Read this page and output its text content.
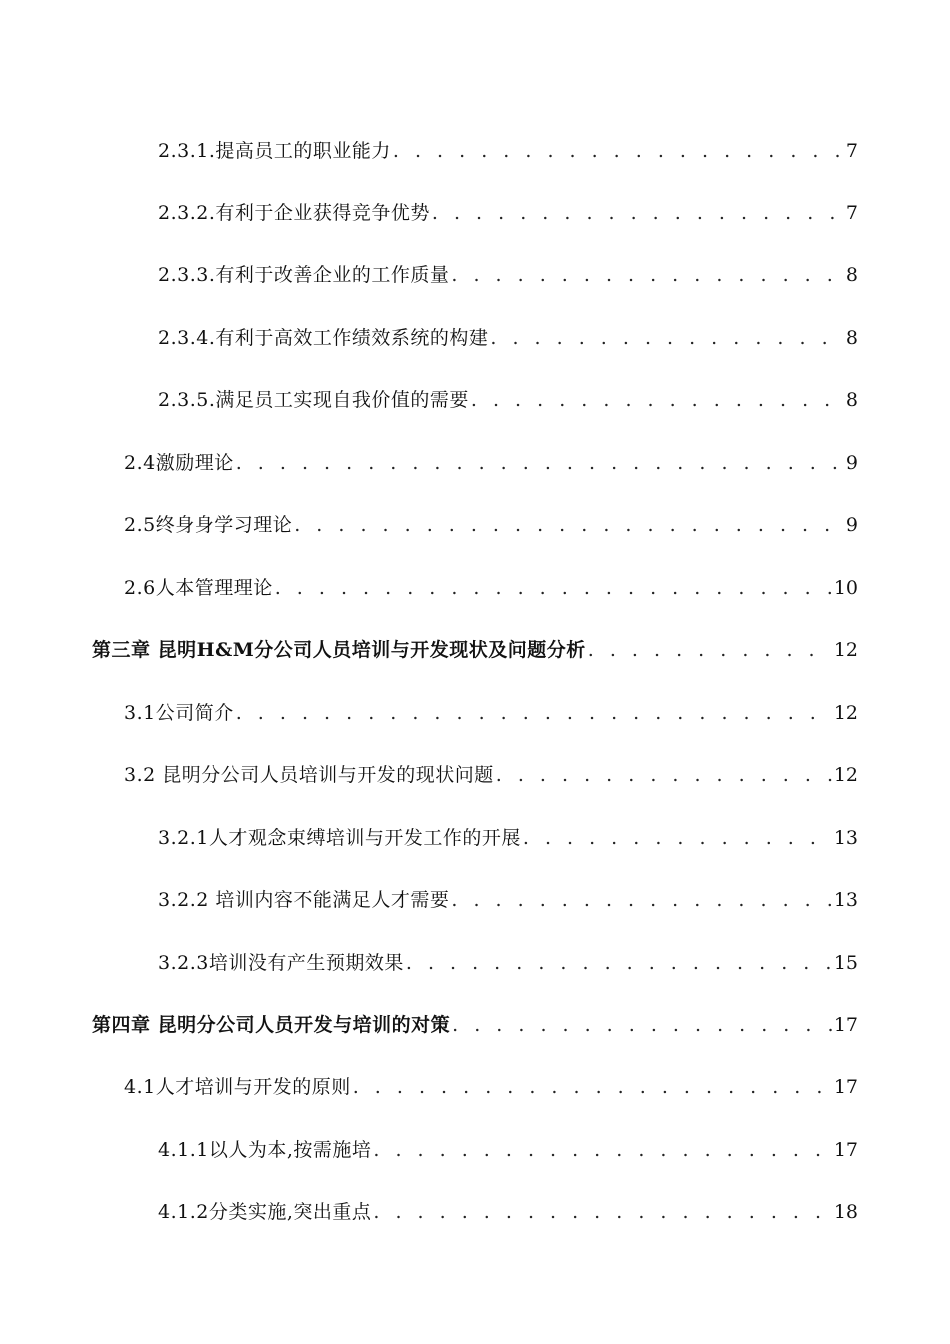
2.3.1.提高员工的职业能力 . . .	7
2.3.2.有利于企业获得竞争优势 . . .	7
2.3.3.有利于改善企业的工作质量 . . .	8
2.3.4.有利于高效工作绩效系统的构建 . . .	8
2.3.5.满足员工实现自我价值的需要 . . .	8
2.4激励理论 . . .	9
2.5终身身学习理论 . . .	9
2.6人本管理理论 . . .	10
第三章 昆明H&M分公司人员培训与开发现状及问题分析 . . .	12
3.1公司简介 . . .	12
3.2 昆明分公司人员培训与开发的现状问题 . . .	12
3.2.1人才观念束缚培训与开发工作的开展 . . .	13
3.2.2 培训内容不能满足人才需要 . . .	13
3.2.3培训没有产生预期效果 . . .	15
第四章 昆明分公司人员开发与培训的对策 . . .	17
4.1人才培训与开发的原则 . . .	17
4.1.1以人为本,按需施培 . . .	17
4.1.2分类实施,突出重点 . . .	18
